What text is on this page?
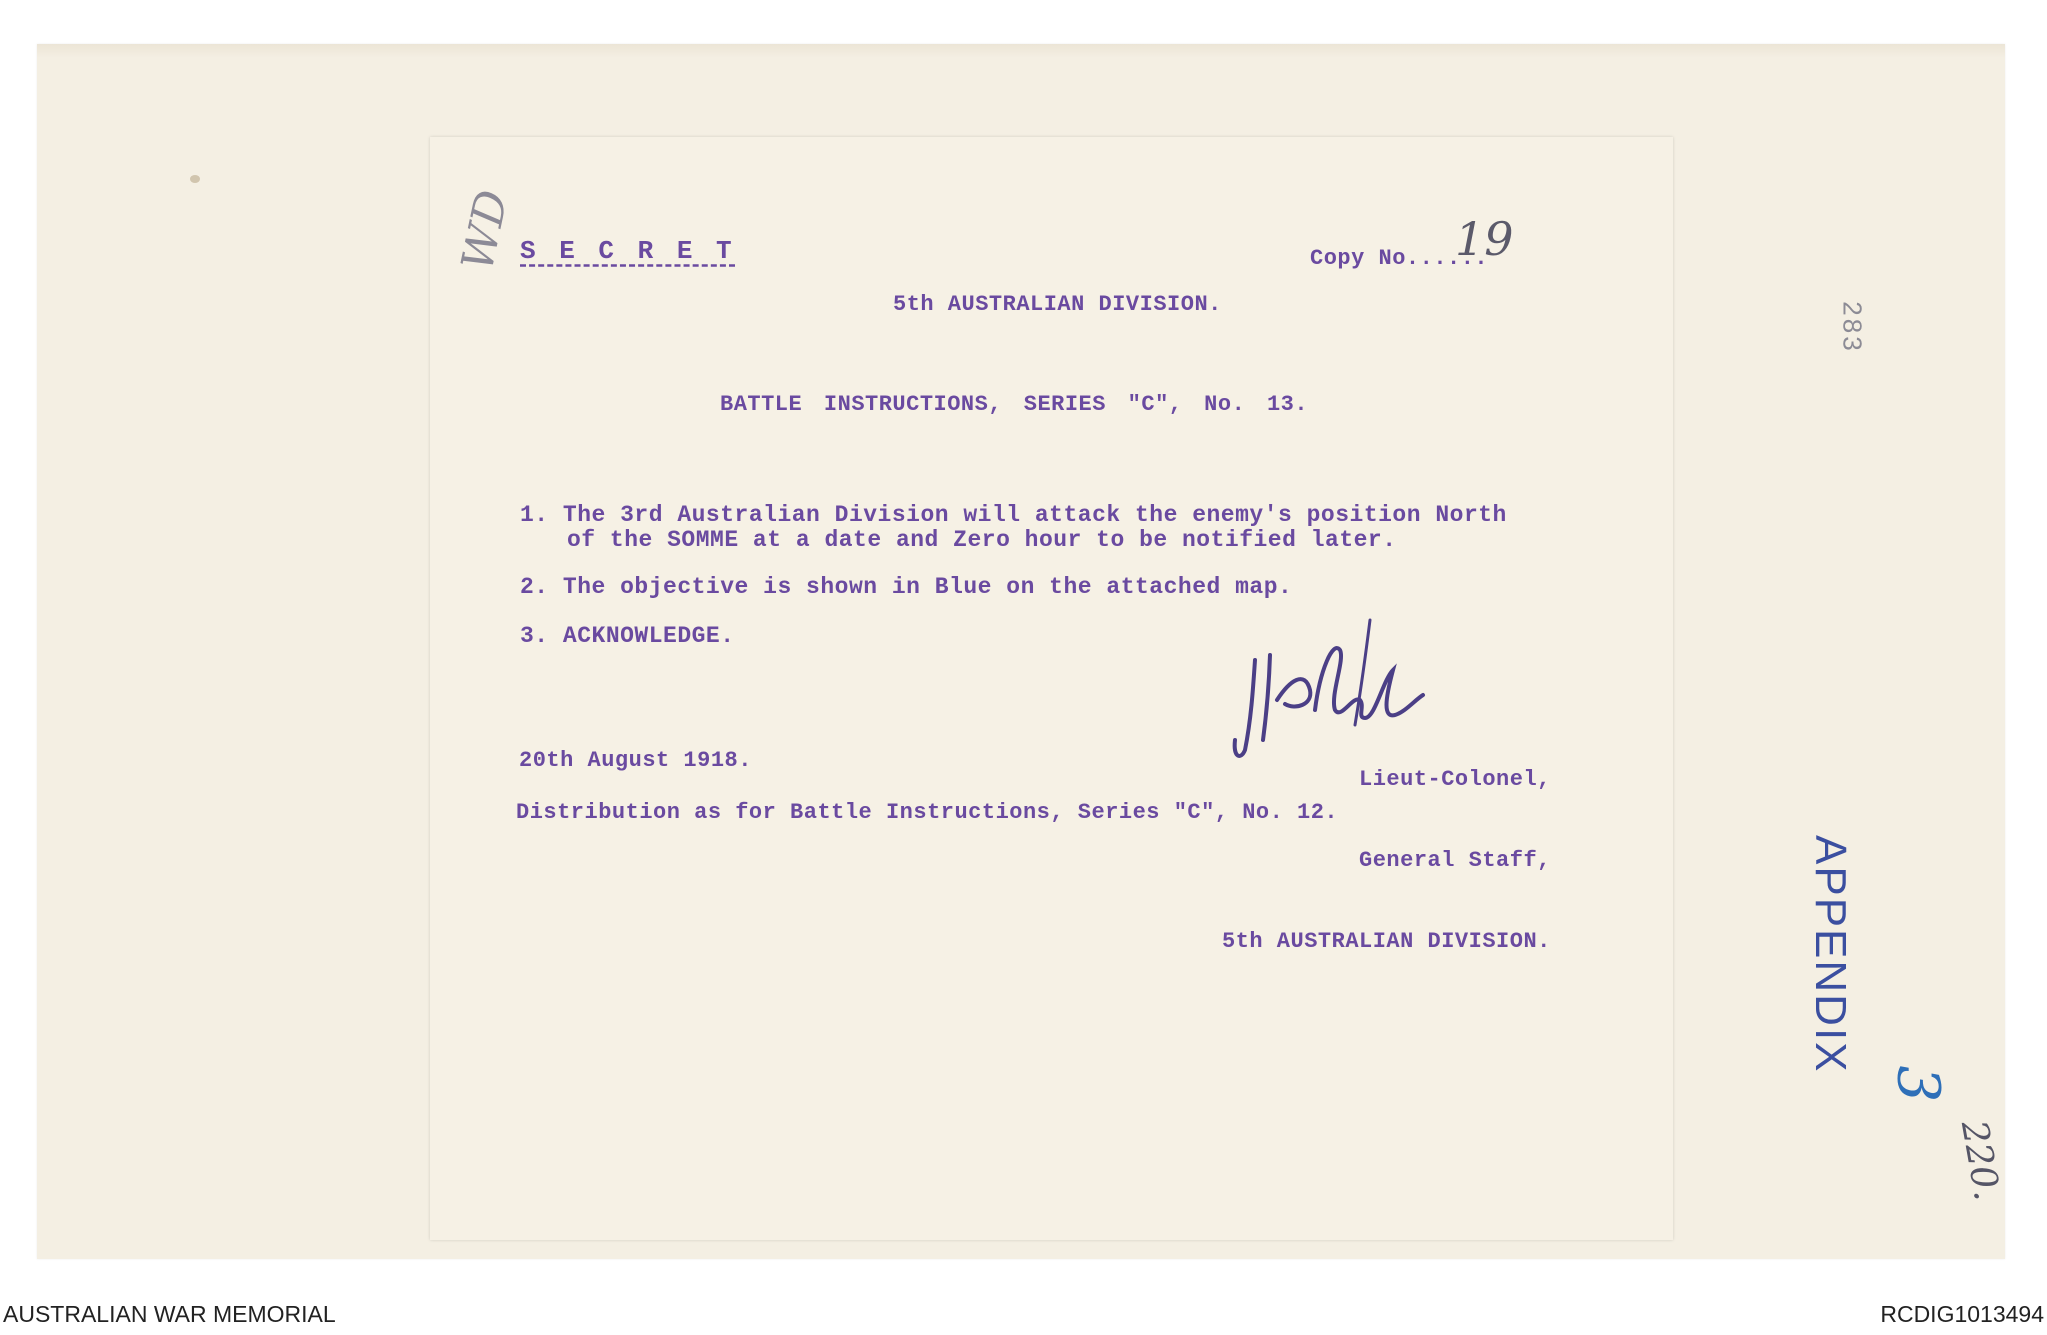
WD S E C R E T	Copy No......
19
5th AUSTRALIAN DIVISION.
BATTLE INSTRUCTIONS, SERIES "C", No. 13.
1. The 3rd Australian Division will attack the enemy's position North
of the SOMME at a date and Zero hour to be notified later.
2. The objective is shown in Blue on the attached map.
3. ACKNOWLEDGE.

Lieut-Colonel,

General Staff,

5th AUSTRALIAN DIVISION.

20th August 1918.
Distribution as for Battle Instructions, Series "C", No. 12.
283
APPENDIX
3
220.
AUSTRALIAN WAR MEMORIAL	RCDIG1013494
